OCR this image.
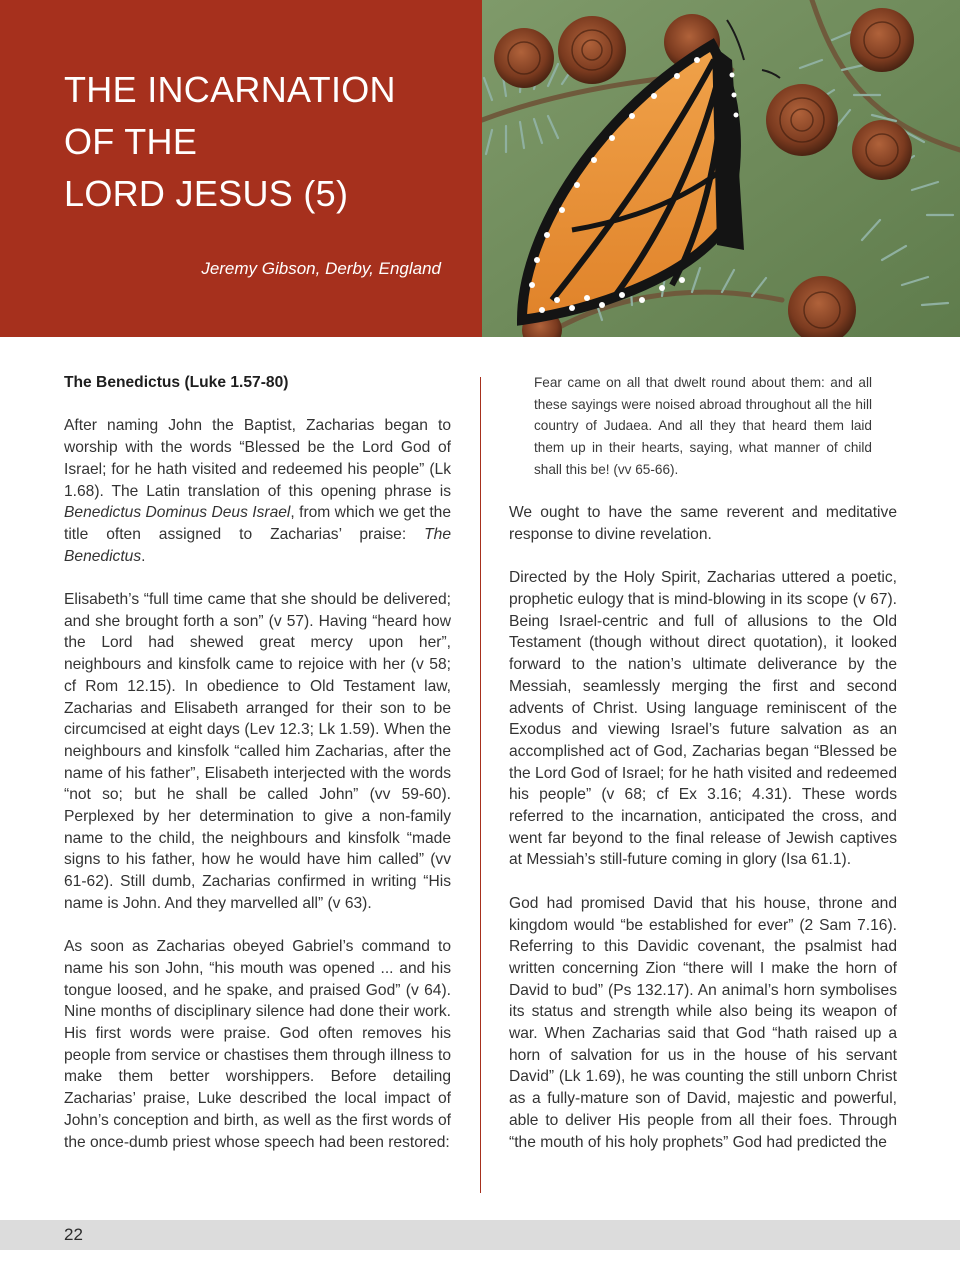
THE INCARNATION
OF THE
LORD JESUS (5)

Jeremy Gibson, Derby, England

The Benedictus (Luke 1.57-80)

After naming John the Baptist, Zacharias began to worship with the words “Blessed be the Lord God of Israel; for he hath visited and redeemed his people” (Lk 1.68). The Latin translation of this opening phrase is Benedictus Dominus Deus Israel, from which we get the title often assigned to Zacharias’ praise: The Benedictus.

Elisabeth’s “full time came that she should be delivered; and she brought forth a son” (v 57). Having “heard how the Lord had shewed great mercy upon her”, neighbours and kinsfolk came to rejoice with her (v 58; cf Rom 12.15). In obedience to Old Testament law, Zacharias and Elisabeth arranged for their son to be circumcised at eight days (Lev 12.3; Lk 1.59). When the neighbours and kinsfolk “called him Zacharias, after the name of his father”, Elisabeth interjected with the words “not so; but he shall be called John” (vv 59-60). Perplexed by her determination to give a non-family name to the child, the neighbours and kinsfolk “made signs to his father, how he would have him called” (vv 61-62). Still dumb, Zacharias confirmed in writing “His name is John. And they marvelled all” (v 63).

As soon as Zacharias obeyed Gabriel’s command to name his son John, “his mouth was opened ... and his tongue loosed, and he spake, and praised God” (v 64). Nine months of disciplinary silence had done their work. His first words were praise. God often removes his people from service or chastises them through illness to make them better worshippers. Before detailing Zacharias’ praise, Luke described the local impact of John’s conception and birth, as well as the first words of the once-dumb priest whose speech had been restored:

Fear came on all that dwelt round about them: and all these sayings were noised abroad throughout all the hill country of Judaea. And all they that heard them laid them up in their hearts, saying, what manner of child shall this be! (vv 65-66).

We ought to have the same reverent and meditative response to divine revelation.

Directed by the Holy Spirit, Zacharias uttered a poetic, prophetic eulogy that is mind-blowing in its scope (v 67). Being Israel-centric and full of allusions to the Old Testament (though without direct quotation), it looked forward to the nation’s ultimate deliverance by the Messiah, seamlessly merging the first and second advents of Christ. Using language reminiscent of the Exodus and viewing Israel’s future salvation as an accomplished act of God, Zacharias began “Blessed be the Lord God of Israel; for he hath visited and redeemed his people” (v 68; cf Ex 3.16; 4.31). These words referred to the incarnation, anticipated the cross, and went far beyond to the final release of Jewish captives at Messiah’s still-future coming in glory (Isa 61.1).

God had promised David that his house, throne and kingdom would “be established for ever” (2 Sam 7.16). Referring to this Davidic covenant, the psalmist had written concerning Zion “there will I make the horn of David to bud” (Ps 132.17). An animal’s horn symbolises its status and strength while also being its weapon of war. When Zacharias said that God “hath raised up a horn of salvation for us in the house of his servant David” (Lk 1.69), he was counting the still unborn Christ as a fully-mature son of David, majestic and powerful, able to deliver His people from all their foes. Through “the mouth of his holy prophets” God had predicted the

22
